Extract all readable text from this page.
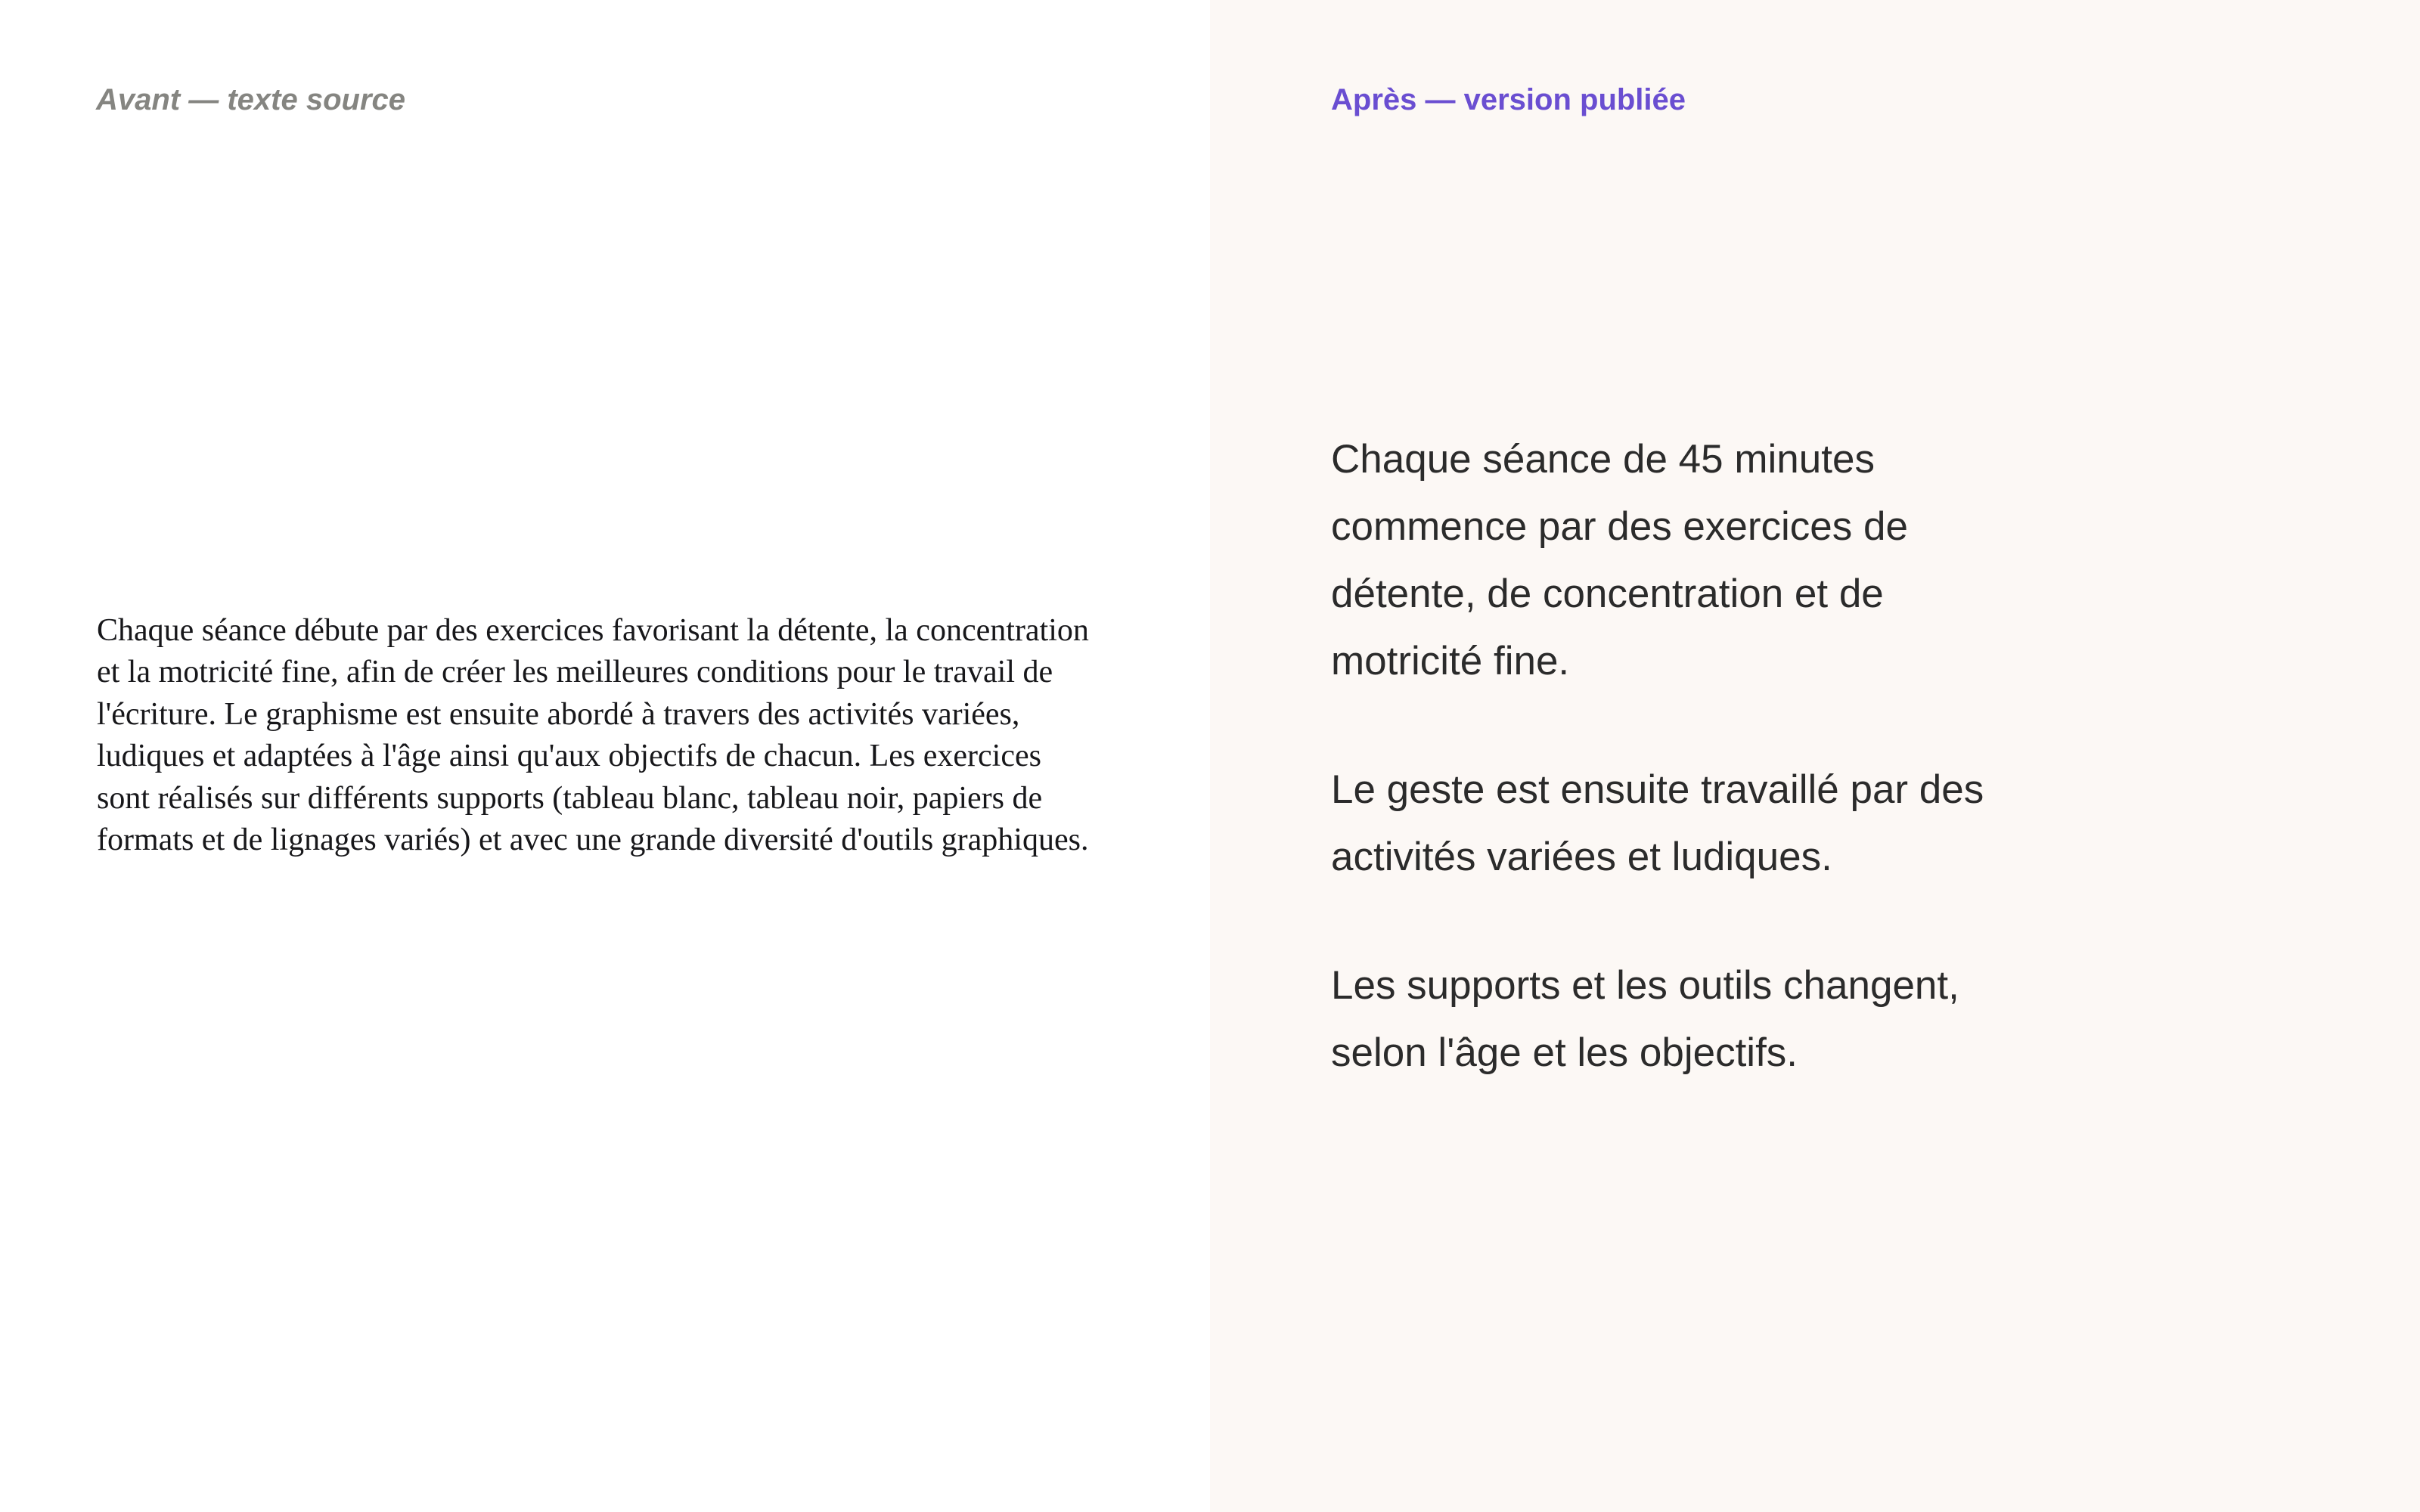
Avant — texte source

Chaque séance débute par des exercices favorisant la détente, la concentration et la motricité fine, afin de créer les meilleures conditions pour le travail de l'écriture. Le graphisme est ensuite abordé à travers des activités variées, ludiques et adaptées à l'âge ainsi qu'aux objectifs de chacun. Les exercices sont réalisés sur différents supports (tableau blanc, tableau noir, papiers de formats et de lignages variés) et avec une grande diversité d'outils graphiques.

Après — version publiée

Chaque séance de 45 minutes commence par des exercices de détente, de concentration et de motricité fine.

Le geste est ensuite travaillé par des activités variées et ludiques.

Les supports et les outils changent, selon l'âge et les objectifs.
